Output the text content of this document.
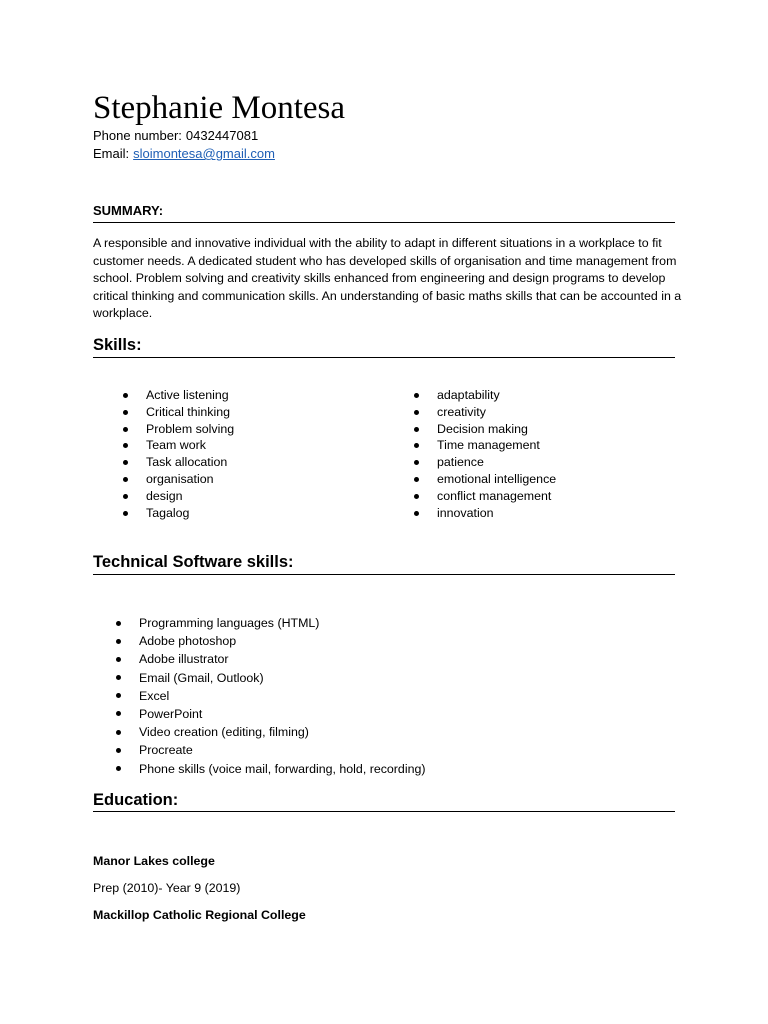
Stephanie Montesa
Phone number: 0432447081
Email: sloimontesa@gmail.com
SUMMARY:
A responsible and innovative individual with the ability to adapt in different situations in a workplace to fit customer needs. A dedicated student who has developed skills of organisation and time management from school. Problem solving and creativity skills enhanced from engineering and design programs to develop critical thinking and communication skills. An understanding of basic maths skills that can be accounted in a workplace.
Skills:
Active listening
Critical thinking
Problem solving
Team work
Task allocation
organisation
design
Tagalog
adaptability
creativity
Decision making
Time management
patience
emotional intelligence
conflict management
innovation
Technical Software skills:
Programming languages (HTML)
Adobe photoshop
Adobe illustrator
Email (Gmail, Outlook)
Excel
PowerPoint
Video creation (editing, filming)
Procreate
Phone skills (voice mail, forwarding, hold, recording)
Education:
Manor Lakes college
Prep (2010)- Year 9 (2019)
Mackillop Catholic Regional College
